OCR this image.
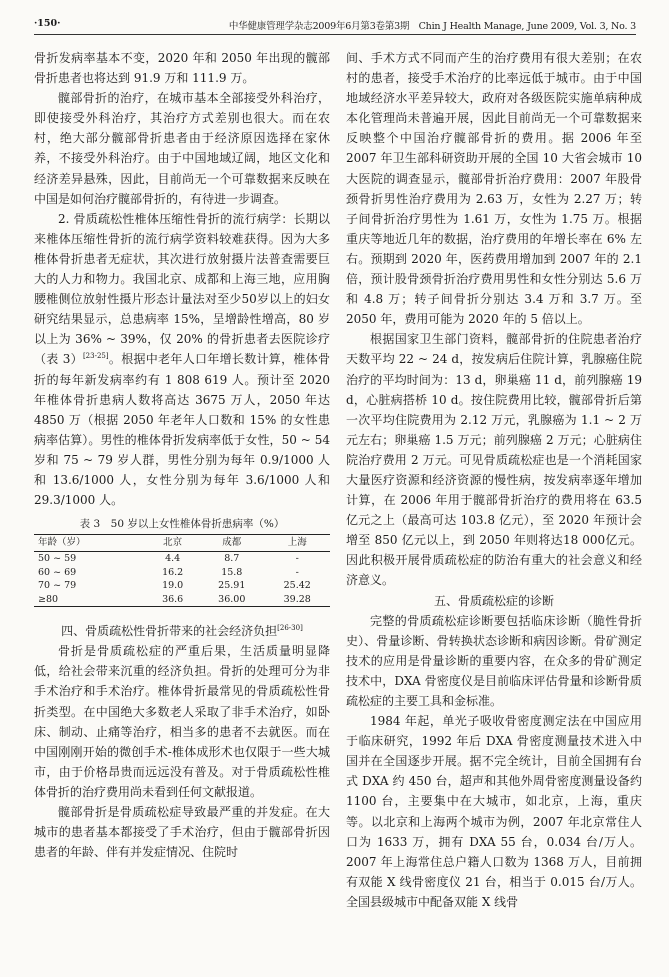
·150·	中华健康管理学杂志2009年6月第3卷第3期　Chin J Health Manage, June 2009, Vol. 3, No. 3

骨折发病率基本不变，2020 年和 2050 年出现的髋部骨折患者也将达到 91.9 万和 111.9 万。

髋部骨折的治疗，在城市基本全部接受外科治疗，即使接受外科治疗，其治疗方式差别也很大。而在农村，绝大部分髋部骨折患者由于经济原因选择在家休养，不接受外科治疗。由于中国地域辽阔，地区文化和经济差异悬殊，因此，目前尚无一个可靠数据来反映在中国是如何治疗髋部骨折的，有待进一步调查。

2. 骨质疏松性椎体压缩性骨折的流行病学：长期以来椎体压缩性骨折的流行病学资料较难获得。因为大多椎体骨折患者无症状，其次进行放射摄片法普查需要巨大的人力和物力。我国北京、成都和上海三地，应用胸腰椎侧位放射性摄片形态计量法对至少50岁以上的妇女研究结果显示，总患病率 15%，呈增龄性增高，80 岁以上为 36% ~ 39%，仅 20% 的骨折患者去医院诊疗（表 3）[23-25]。根据中老年人口年增长数计算，椎体骨折的每年新发病率约有 1 808 619 人。预计至 2020 年椎体骨折患病人数将高达 3675 万人，2050 年达 4850 万（根据 2050 年老年人口数和 15% 的女性患病率估算）。男性的椎体骨折发病率低于女性，50 ~ 54 岁和 75 ~ 79 岁人群，男性分别为每年 0.9/1000 人和 13.6/1000 人，女性分别为每年 3.6/1000 人和 29.3/1000 人。

表 3　50 岁以上女性椎体骨折患病率（%）
年龄（岁）	北京	成都	上海
50 ~ 59	4.4	8.7	-
60 ~ 69	16.2	15.8	-
70 ~ 79	19.0	25.91	25.42
≥80	36.6	36.00	39.28

四、骨质疏松性骨折带来的社会经济负担[26-30]

骨折是骨质疏松症的严重后果，生活质量明显降低，给社会带来沉重的经济负担。骨折的处理可分为非手术治疗和手术治疗。椎体骨折最常见的骨质疏松性骨折类型。在中国绝大多数老人采取了非手术治疗，如卧床、制动、止痛等治疗，相当多的患者不去就医。而在中国刚刚开始的微创手术-椎体成形术也仅限于一些大城市，由于价格昂贵而远远没有普及。对于骨质疏松性椎体骨折的治疗费用尚未看到任何文献报道。

髋部骨折是骨质疏松症导致最严重的并发症。在大城市的患者基本都接受了手术治疗，但由于髋部骨折因患者的年龄、伴有并发症情况、住院时

间、手术方式不同而产生的治疗费用有很大差别；在农村的患者，接受手术治疗的比率远低于城市。由于中国地域经济水平差异较大，政府对各级医院实施单病种成本化管理尚未普遍开展，因此目前尚无一个可靠数据来反映整个中国治疗髋部骨折的费用。据 2006 年至 2007 年卫生部科研资助开展的全国 10 大省会城市 10 大医院的调查显示，髋部骨折治疗费用：2007 年股骨颈骨折男性治疗费用为 2.63 万，女性为 2.27 万；转子间骨折治疗男性为 1.61 万，女性为 1.75 万。根据重庆等地近几年的数据，治疗费用的年增长率在 6% 左右。预期到 2020 年，医药费用增加到 2007 年的 2.1 倍，预计股骨颈骨折治疗费用男性和女性分别达 5.6 万和 4.8 万；转子间骨折分别达 3.4 万和 3.7 万。至 2050 年，费用可能为 2020 年的 5 倍以上。

根据国家卫生部门资料，髋部骨折的住院患者治疗天数平均 22 ~ 24 d，按发病后住院计算，乳腺癌住院治疗的平均时间为：13 d，卵巢癌 11 d，前列腺癌 19 d，心脏病搭桥 10 d。按住院费用比较，髋部骨折后第一次平均住院费用为 2.12 万元，乳腺癌为 1.1 ~ 2 万元左右；卵巢癌 1.5 万元；前列腺癌 2 万元；心脏病住院治疗费用 2 万元。可见骨质疏松症也是一个消耗国家大量医疗资源和经济资源的慢性病，按发病率逐年增加计算，在 2006 年用于髋部骨折治疗的费用将在 63.5 亿元之上（最高可达 103.8 亿元），至 2020 年预计会增至 850 亿元以上，到 2050 年则将达18 000亿元。因此积极开展骨质疏松症的防治有重大的社会意义和经济意义。

五、骨质疏松症的诊断

完整的骨质疏松症诊断要包括临床诊断（脆性骨折史）、骨量诊断、骨转换状态诊断和病因诊断。骨矿测定技术的应用是骨量诊断的重要内容，在众多的骨矿测定技术中，DXA 骨密度仪是目前临床评估骨量和诊断骨质疏松症的主要工具和金标准。

1984 年起，单光子吸收骨密度测定法在中国应用于临床研究，1992 年后 DXA 骨密度测量技术进入中国并在全国逐步开展。据不完全统计，目前全国拥有台式 DXA 约 450 台，超声和其他外周骨密度测量设备约 1100 台，主要集中在大城市，如北京，上海，重庆等。以北京和上海两个城市为例，2007 年北京常住人口为 1633 万，拥有 DXA 55 台，0.034 台/万人。2007 年上海常住总户籍人口数为 1368 万人，目前拥有双能 X 线骨密度仪 21 台，相当于 0.015 台/万人。全国县级城市中配备双能 X 线骨
